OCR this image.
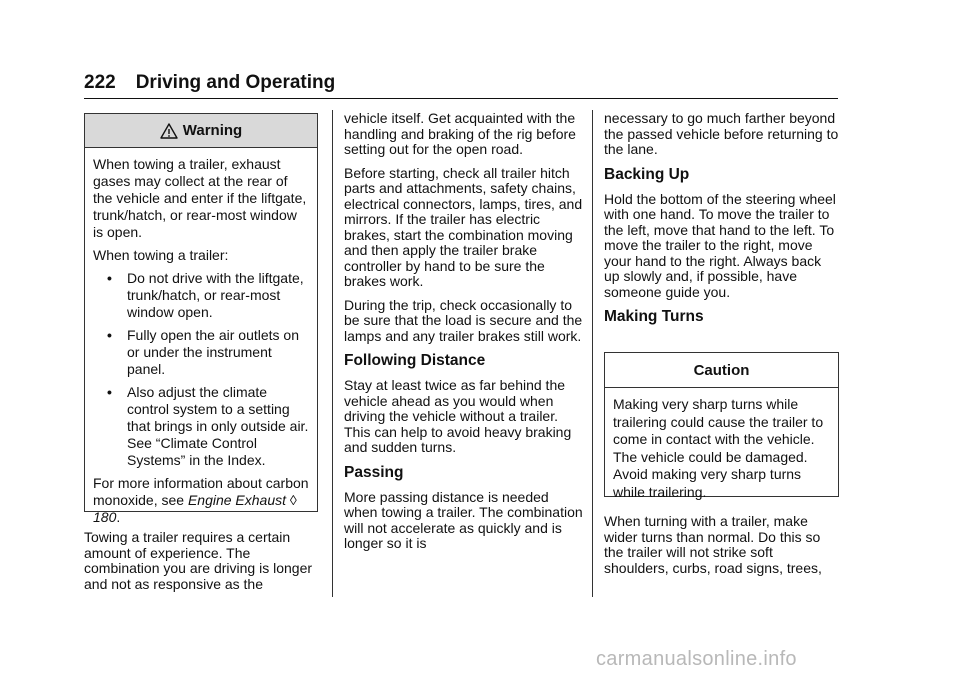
222 Driving and Operating
Warning

When towing a trailer, exhaust gases may collect at the rear of the vehicle and enter if the liftgate, trunk/hatch, or rear-most window is open.

When towing a trailer:

• Do not drive with the liftgate, trunk/hatch, or rear-most window open.
• Fully open the air outlets on or under the instrument panel.
• Also adjust the climate control system to a setting that brings in only outside air. See “Climate Control Systems” in the Index.

For more information about carbon monoxide, see Engine Exhaust ◊ 180.

Towing a trailer requires a certain amount of experience. The combination you are driving is longer and not as responsive as the

vehicle itself. Get acquainted with the handling and braking of the rig before setting out for the open road.

Before starting, check all trailer hitch parts and attachments, safety chains, electrical connectors, lamps, tires, and mirrors. If the trailer has electric brakes, start the combination moving and then apply the trailer brake controller by hand to be sure the brakes work.

During the trip, check occasionally to be sure that the load is secure and the lamps and any trailer brakes still work.

Following Distance

Stay at least twice as far behind the vehicle ahead as you would when driving the vehicle without a trailer. This can help to avoid heavy braking and sudden turns.

Passing

More passing distance is needed when towing a trailer. The combination will not accelerate as quickly and is longer so it is

necessary to go much farther beyond the passed vehicle before returning to the lane.

Backing Up

Hold the bottom of the steering wheel with one hand. To move the trailer to the left, move that hand to the left. To move the trailer to the right, move your hand to the right. Always back up slowly and, if possible, have someone guide you.

Making Turns
Caution
Making very sharp turns while trailering could cause the trailer to come in contact with the vehicle. The vehicle could be damaged. Avoid making very sharp turns while trailering.

When turning with a trailer, make wider turns than normal. Do this so the trailer will not strike soft shoulders, curbs, road signs, trees,

carmanualsonline.info
